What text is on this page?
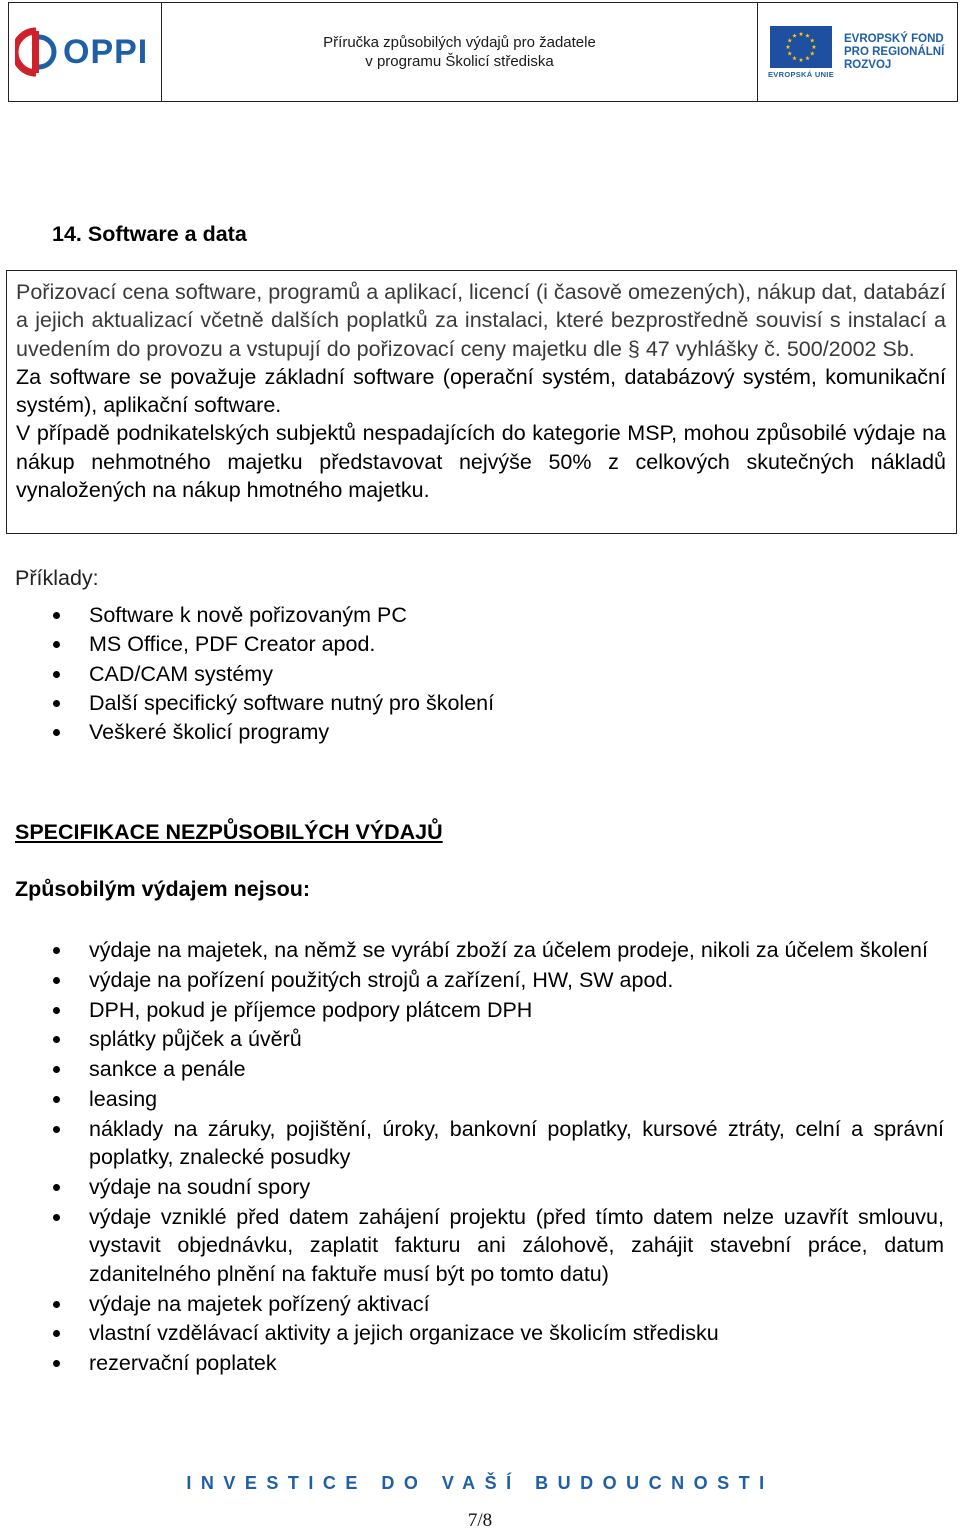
OPPI	Příručka způsobilých výdajů pro žadatele
v programu Školicí střediska
EVROPSKÁ UNIE
EVROPSKÝ FOND
PRO REGIONÁLNÍ
ROZVOJ
14. Software a data

Pořizovací cena software, programů a aplikací, licencí (i časově omezených), nákup dat, databází a jejich aktualizací včetně dalších poplatků za instalaci, které bezprostředně souvisí s instalací a uvedením do provozu a vstupují do pořizovací ceny majetku dle § 47 vyhlášky č. 500/2002 Sb.

Za software se považuje základní software (operační systém, databázový systém, komunikační systém), aplikační software.

V případě podnikatelských subjektů nespadajících do kategorie MSP, mohou způsobilé výdaje na nákup nehmotného majetku představovat nejvýše 50% z celkových skutečných nákladů vynaložených na nákup hmotného majetku.

Příklady:
Software k nově pořizovaným PC
MS Office, PDF Creator apod.
CAD/CAM systémy
Další specifický software nutný pro školení
Veškeré školicí programy
SPECIFIKACE NEZPŮSOBILÝCH VÝDAJŮ
Způsobilým výdajem nejsou:
výdaje na majetek, na němž se vyrábí zboží za účelem prodeje, nikoli za účelem školení
výdaje na pořízení použitých strojů a zařízení, HW, SW apod.
DPH, pokud je příjemce podpory plátcem DPH
splátky půjček a úvěrů
sankce a penále
leasing
náklady na záruky, pojištění, úroky, bankovní poplatky, kursové ztráty, celní a správní poplatky, znalecké posudky
výdaje na soudní spory
výdaje vzniklé před datem zahájení projektu (před tímto datem nelze uzavřít smlouvu, vystavit objednávku, zaplatit fakturu ani zálohově, zahájit stavební práce, datum zdanitelného plnění na faktuře musí být po tomto datu)
výdaje na majetek pořízený aktivací
vlastní vzdělávací aktivity a jejich organizace ve školicím středisku
rezervační poplatek
INVESTICE DO VAŠÍ BUDOUCNOSTI
7/8
